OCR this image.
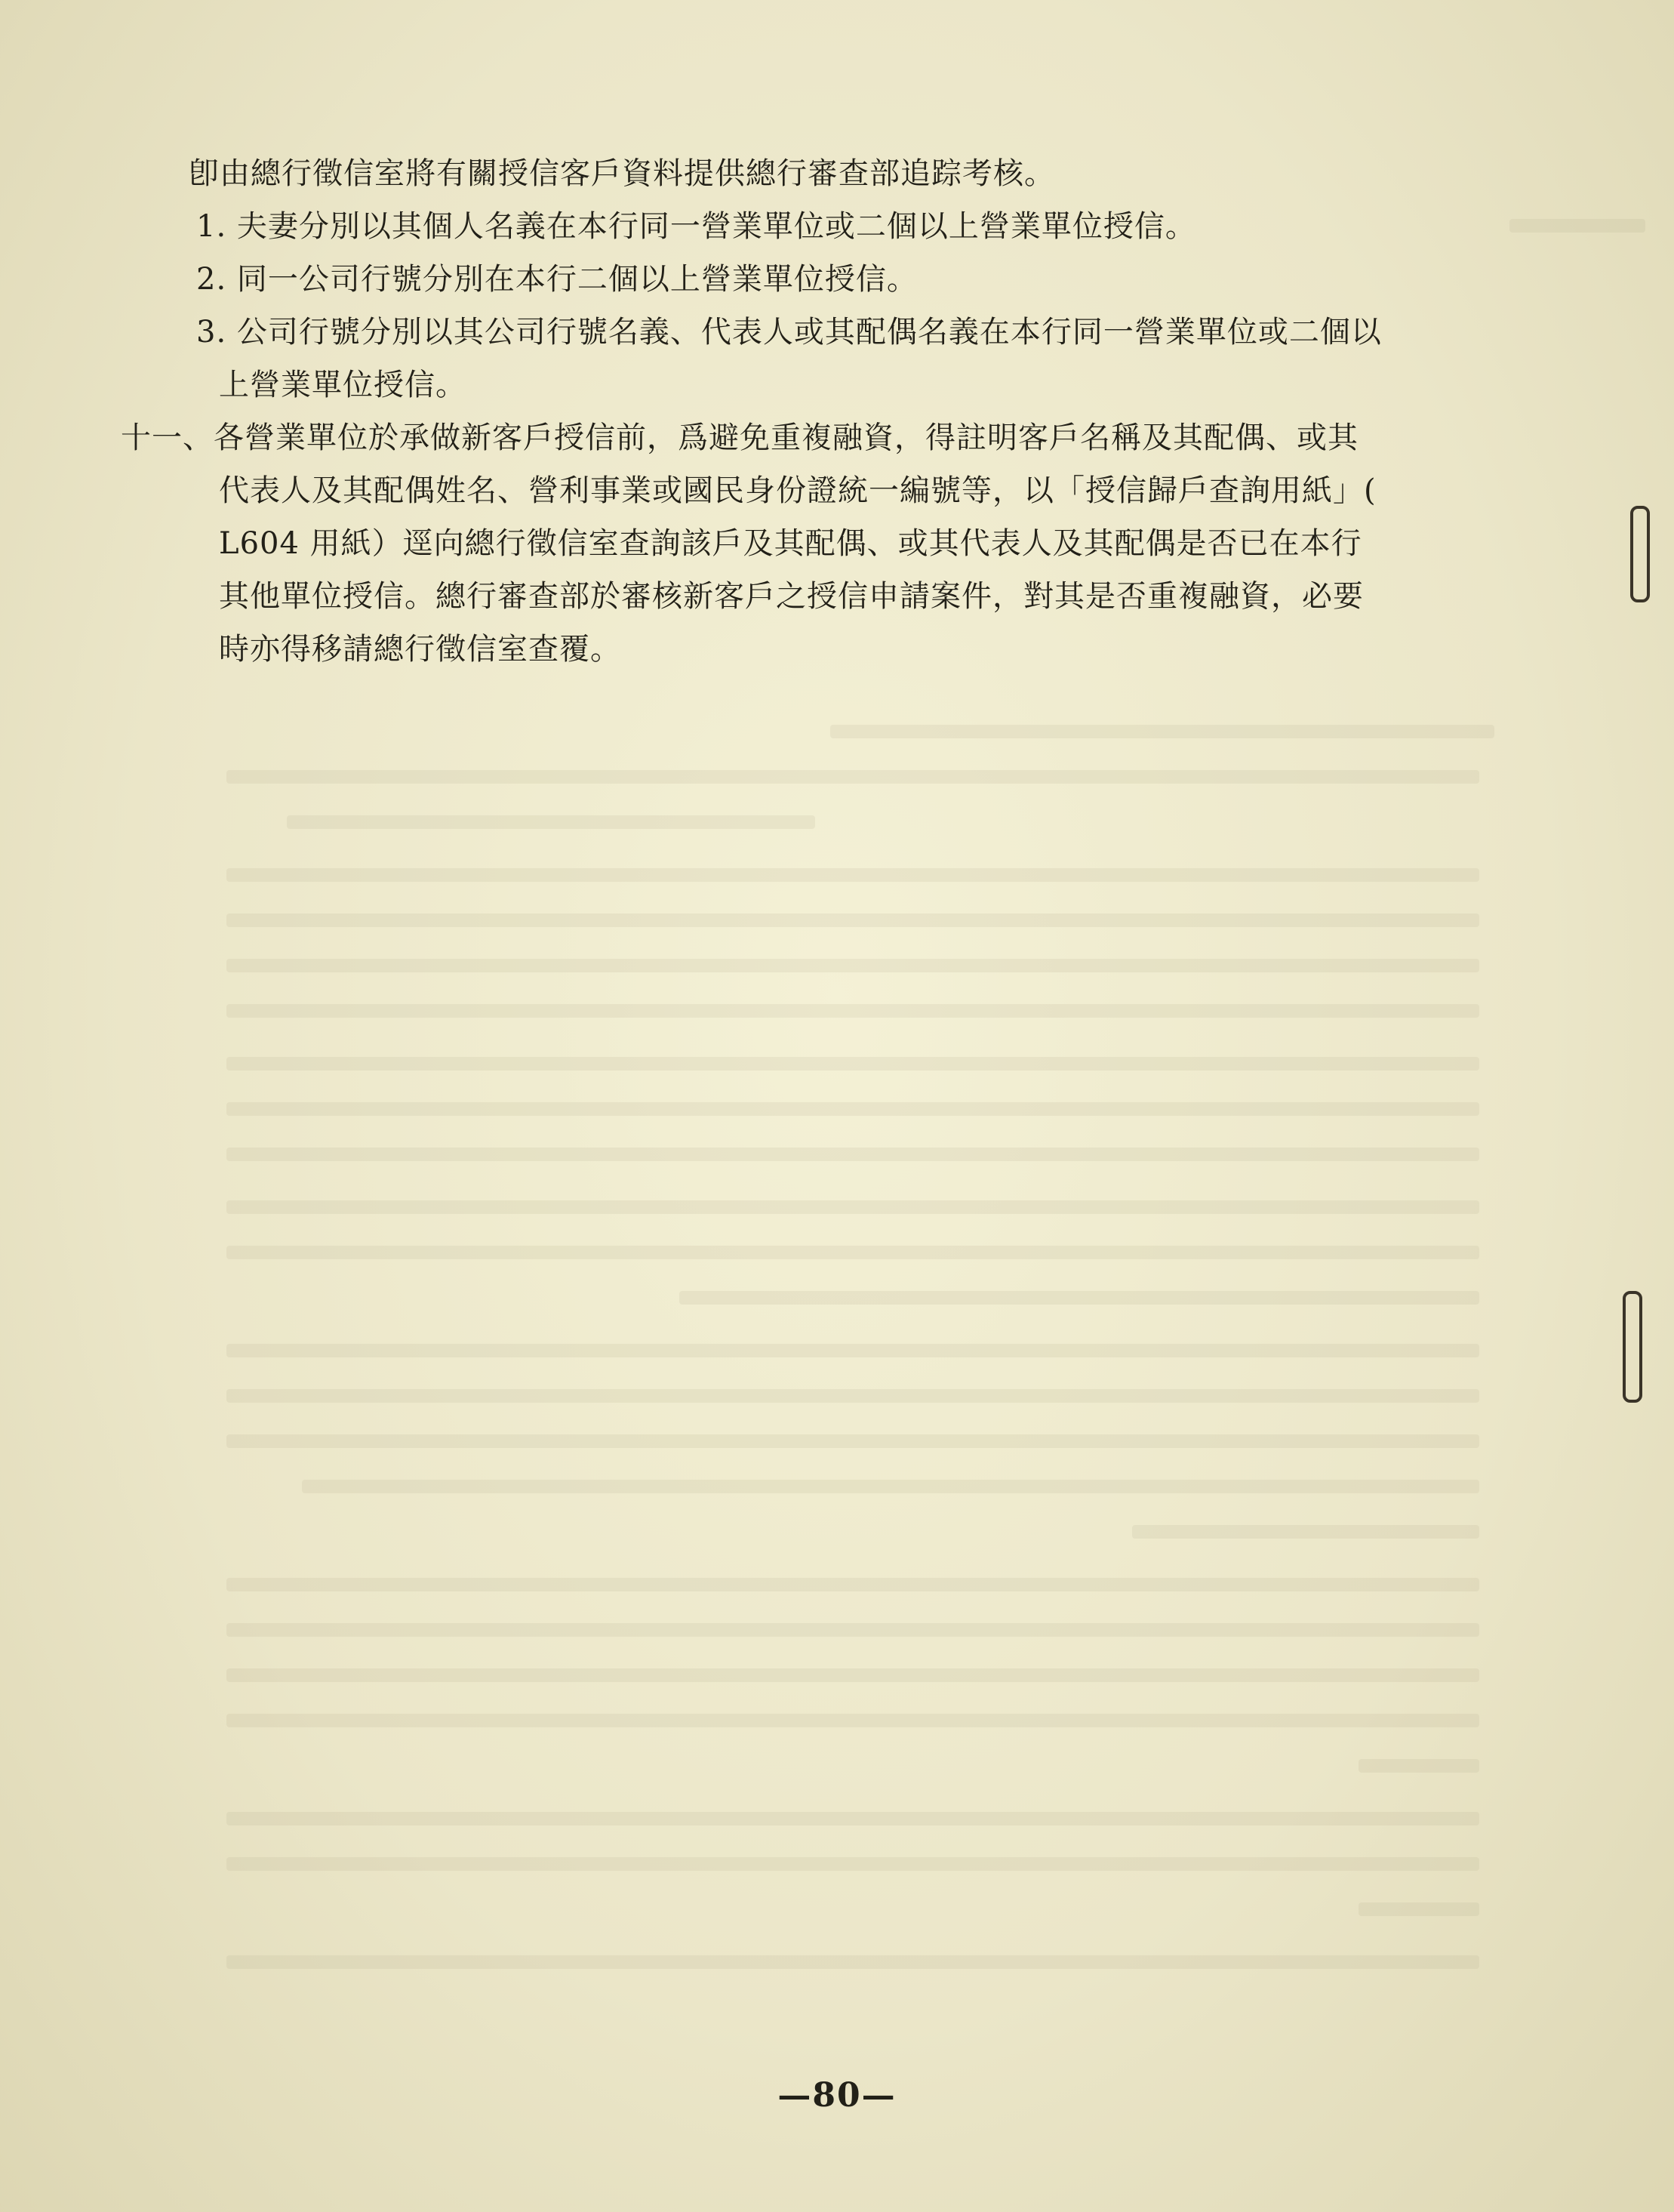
卽由總行徵信室將有關授信客戶資料提供總行審查部追踪考核。
1. 夫妻分別以其個人名義在本行同一營業單位或二個以上營業單位授信。
2. 同一公司行號分別在本行二個以上營業單位授信。
3. 公司行號分別以其公司行號名義、代表人或其配偶名義在本行同一營業單位或二個以
上營業單位授信。
十一、各營業單位於承做新客戶授信前，爲避免重複融資，得註明客戶名稱及其配偶、或其
代表人及其配偶姓名、營利事業或國民身份證統一編號等，以「授信歸戶查詢用紙」(
L604 用紙）逕向總行徵信室查詢該戶及其配偶、或其代表人及其配偶是否已在本行
其他單位授信。總行審查部於審核新客戶之授信申請案件，對其是否重複融資，必要
時亦得移請總行徵信室查覆。
—80—
